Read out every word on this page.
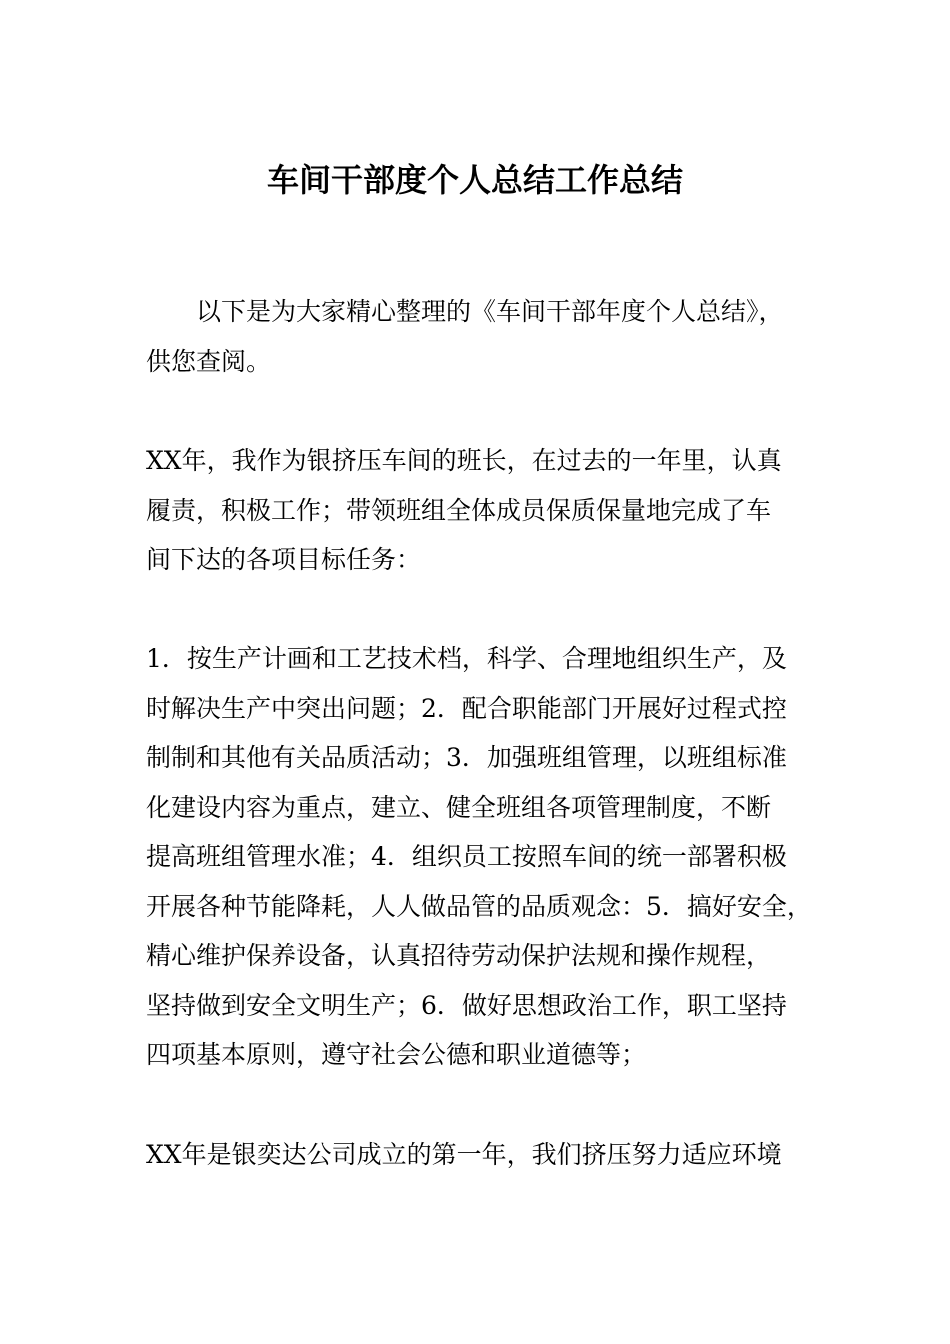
车间干部度个人总结工作总结
　　以下是为大家精心整理的《车间干部年度个人总结》，
供您查阅。
XX年，我作为银挤压车间的班长，在过去的一年里，认真
履责，积极工作；带领班组全体成员保质保量地完成了车
间下达的各项目标任务：
1．按生产计画和工艺技术档，科学、合理地组织生产，及
时解决生产中突出问题；2．配合职能部门开展好过程式控
制制和其他有关品质活动；3．加强班组管理，以班组标准
化建设内容为重点，建立、健全班组各项管理制度，不断
提高班组管理水准；4．组织员工按照车间的统一部署积极
开展各种节能降耗，人人做品管的品质观念：5．搞好安全，
精心维护保养设备，认真招待劳动保护法规和操作规程，
坚持做到安全文明生产；6．做好思想政治工作，职工坚持
四项基本原则，遵守社会公德和职业道德等；
XX年是银奕达公司成立的第一年，我们挤压努力适应环境
